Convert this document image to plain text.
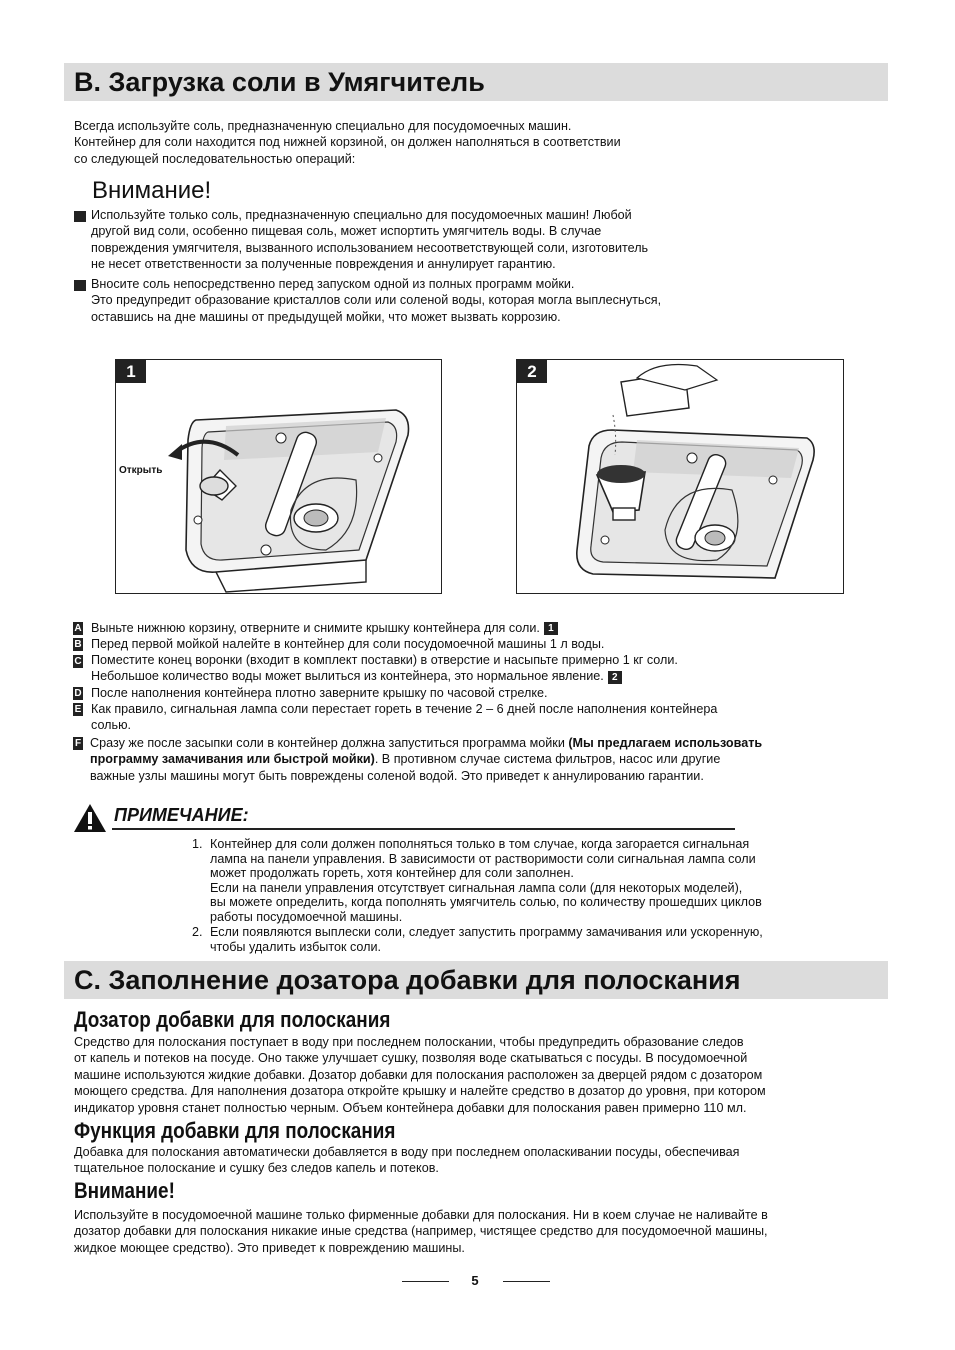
B. Загрузка соли в Умягчитель
Всегда используйте соль, предназначенную специально для посудомоечных машин.
Контейнер для соли находится под нижней корзиной, он должен наполняться в соответствии
со следующей последовательностью операций:
Внимание!
Используйте только соль, предназначенную специально для посудомоечных машин! Любой
другой вид соли, особенно пищевая соль, может испортить умягчитель воды. В случае
повреждения умягчителя, вызванного использованием несоответствующей соли, изготовитель
не несет ответственности за полученные повреждения и аннулирует гарантию.
Вносите соль непосредственно перед запуском одной из полных программ мойки.
Это предупредит образование кристаллов соли или соленой воды, которая могла выплеснуться,
оставшись на дне машины от предыдущей мойки, что может вызвать коррозию.
1
Открыть
2
A Выньте нижнюю корзину, отверните и снимите крышку контейнера для соли. 1
B Перед первой мойкой налейте в контейнер для соли посудомоечной машины 1 л воды.
C Поместите конец воронки (входит в комплект поставки) в отверстие и насыпьте примерно 1 кг соли.
Небольшое количество воды может вылиться из контейнера, это нормальное явление. 2
D После наполнения контейнера плотно заверните крышку по часовой стрелке.
E Как правило, сигнальная лампа соли перестает гореть в течение 2 – 6 дней после наполнения контейнера
солью.
F Сразу же после засыпки соли в контейнер должна запуститься программа мойки (Мы предлагаем использовать
программу замачивания или быстрой мойки). В противном случае система фильтров, насос или другие
важные узлы машины могут быть повреждены соленой водой. Это приведет к аннулированию гарантии.
ПРИМЕЧАНИЕ:
1. Контейнер для соли должен пополняться только в том случае, когда загорается сигнальная
лампа на панели управления. В зависимости от растворимости соли сигнальная лампа соли
может продолжать гореть, хотя контейнер для соли заполнен.
Если на панели управления отсутствует сигнальная лампа соли (для некоторых моделей),
вы можете определить, когда пополнять умягчитель солью, по количеству прошедших циклов
работы посудомоечной машины.
2. Если появляются выплески соли, следует запустить программу замачивания или ускоренную,
чтобы удалить избыток соли.
C. Заполнение дозатора добавки для полоскания
Дозатор добавки для полоскания
Средство для полоскания поступает в воду при последнем полоскании, чтобы предупредить образование следов
от капель и потеков на посуде. Оно также улучшает сушку, позволяя воде скатываться с посуды. В посудомоечной
машине используются жидкие добавки. Дозатор добавки для полоскания расположен за дверцей рядом с дозатором
моющего средства. Для наполнения дозатора откройте крышку и налейте средство в дозатор до уровня, при котором
индикатор уровня станет полностью черным. Объем контейнера добавки для полоскания равен примерно 110 мл.
Функция добавки для полоскания
Добавка для полоскания автоматически добавляется в воду при последнем ополаскивании посуды, обеспечивая
тщательное полоскание и сушку без следов капель и потеков.
Внимание!
Используйте в посудомоечной машине только фирменные добавки для полоскания. Ни в коем случае не наливайте в
дозатор добавки для полоскания никакие иные средства (например, чистящее средство для посудомоечной машины,
жидкое моющее средство). Это приведет к повреждению машины.
5
